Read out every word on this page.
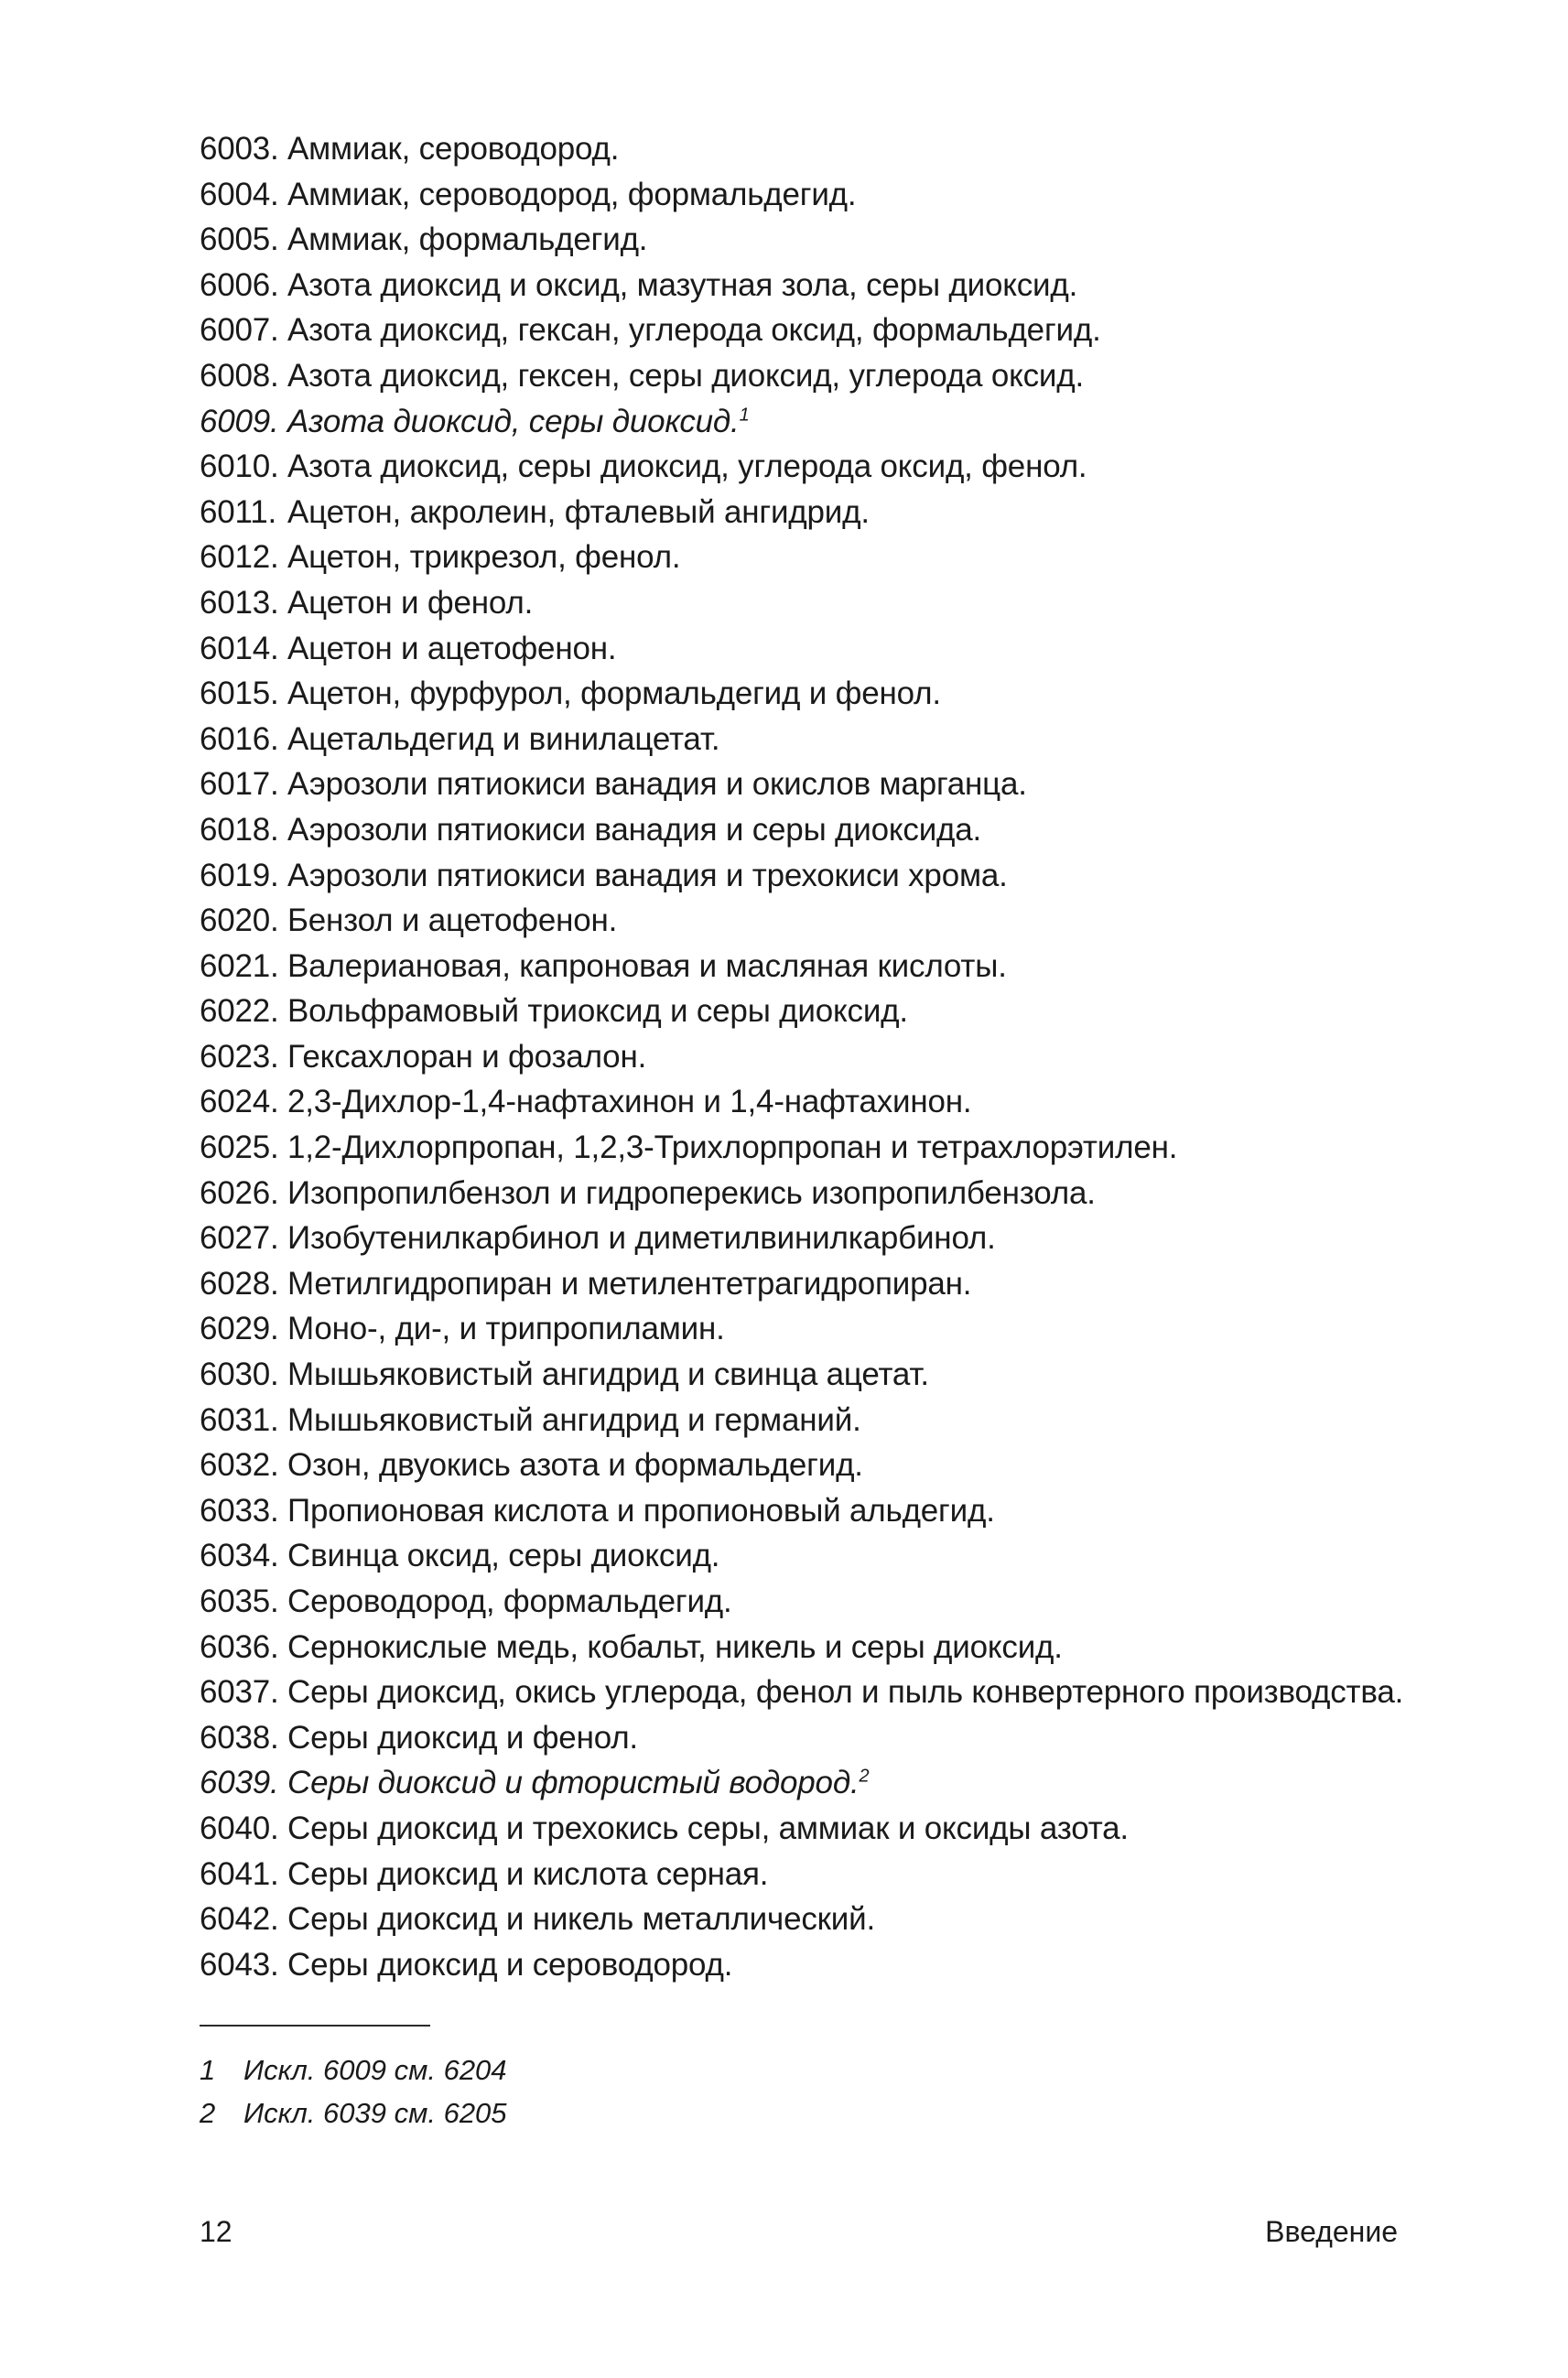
6003. Аммиак, сероводород.
6004. Аммиак, сероводород, формальдегид.
6005. Аммиак, формальдегид.
6006. Азота диоксид и оксид, мазутная зола, серы диоксид.
6007. Азота диоксид, гексан, углерода оксид, формальдегид.
6008. Азота диоксид, гексен, серы диоксид, углерода оксид.
6009. Азота диоксид, серы диоксид.$^1$
6010. Азота диоксид, серы диоксид, углерода оксид, фенол.
6011. Ацетон, акролеин, фталевый ангидрид.
6012. Ацетон, трикрезол, фенол.
6013. Ацетон и фенол.
6014. Ацетон и ацетофенон.
6015. Ацетон, фурфурол, формальдегид и фенол.
6016. Ацетальдегид и винилацетат.
6017. Аэрозоли пятиокиси ванадия и окислов марганца.
6018. Аэрозоли пятиокиси ванадия и серы диоксида.
6019. Аэрозоли пятиокиси ванадия и трехокиси хрома.
6020. Бензол и ацетофенон.
6021. Валериановая, капроновая и масляная кислоты.
6022. Вольфрамовый триоксид и серы диоксид.
6023. Гексахлоран и фозалон.
6024. 2,3-Дихлор-1,4-нафтахинон и 1,4-нафтахинон.
6025. 1,2-Дихлорпропан, 1,2,3-Трихлорпропан и тетрахлорэтилен.
6026. Изопропилбензол и гидроперекись изопропилбензола.
6027. Изобутенилкарбинол и диметилвинилкарбинол.
6028. Метилгидропиран и метилентетрагидропиран.
6029. Моно-, ди-, и трипропиламин.
6030. Мышьяковистый ангидрид и свинца ацетат.
6031. Мышьяковистый ангидрид и германий.
6032. Озон, двуокись азота и формальдегид.
6033. Пропионовая кислота и пропионовый альдегид.
6034. Свинца оксид, серы диоксид.
6035. Сероводород, формальдегид.
6036. Сернокислые медь, кобальт, никель и серы диоксид.
6037. Серы диоксид, окись углерода, фенол и пыль конвертерного производства.
6038. Серы диоксид и фенол.
6039. Серы диоксид и фтористый водород.$^2$
6040. Серы диоксид и трехокись серы, аммиак и оксиды азота.
6041. Серы диоксид и кислота серная.
6042. Серы диоксид и никель металлический.
6043. Серы диоксид и сероводород.
1 Искл. 6009 см. 6204
2 Искл. 6039 см. 6205
12	Введение
